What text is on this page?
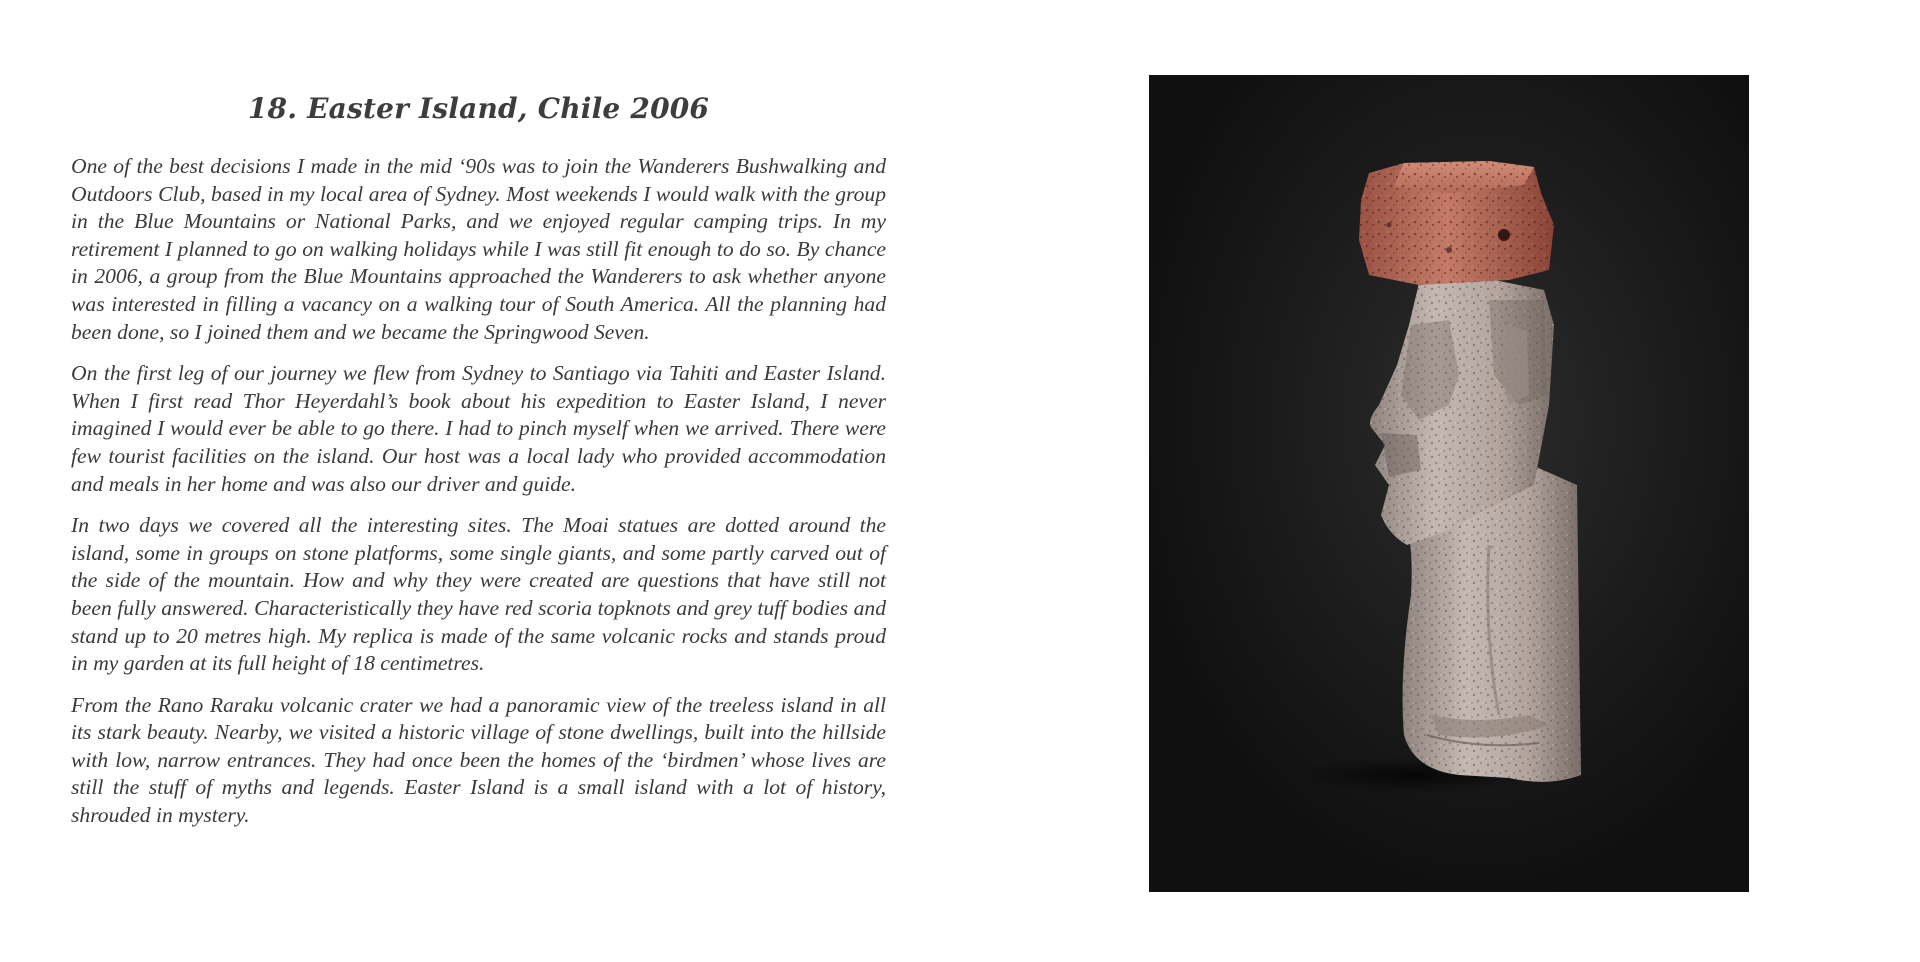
18. Easter Island, Chile 2006

One of the best decisions I made in the mid ‘90s was to join the Wanderers Bushwalking and Outdoors Club, based in my local area of Sydney. Most weekends I would walk with the group in the Blue Mountains or National Parks, and we enjoyed regular camping trips. In my retirement I planned to go on walking holidays while I was still fit enough to do so. By chance in 2006, a group from the Blue Mountains approached the Wanderers to ask whether anyone was interested in filling a vacancy on a walking tour of South America. All the planning had been done, so I joined them and we became the Springwood Seven.

On the first leg of our journey we flew from Sydney to Santiago via Tahiti and Easter Island. When I first read Thor Heyerdahl’s book about his expedition to Easter Island, I never imagined I would ever be able to go there. I had to pinch myself when we arrived. There were few tourist facilities on the island. Our host was a local lady who provided accommodation and meals in her home and was also our driver and guide.

In two days we covered all the interesting sites. The Moai statues are dotted around the island, some in groups on stone platforms, some single giants, and some partly carved out of the side of the mountain. How and why they were created are questions that have still not been fully answered. Characteristically they have red scoria topknots and grey tuff bodies and stand up to 20 metres high. My replica is made of the same volcanic rocks and stands proud in my garden at its full height of 18 centimetres.

From the Rano Raraku volcanic crater we had a panoramic view of the treeless island in all its stark beauty. Nearby, we visited a historic village of stone dwellings, built into the hillside with low, narrow entrances. They had once been the homes of the ‘birdmen’ whose lives are still the stuff of myths and legends. Easter Island is a small island with a lot of history, shrouded in mystery.
